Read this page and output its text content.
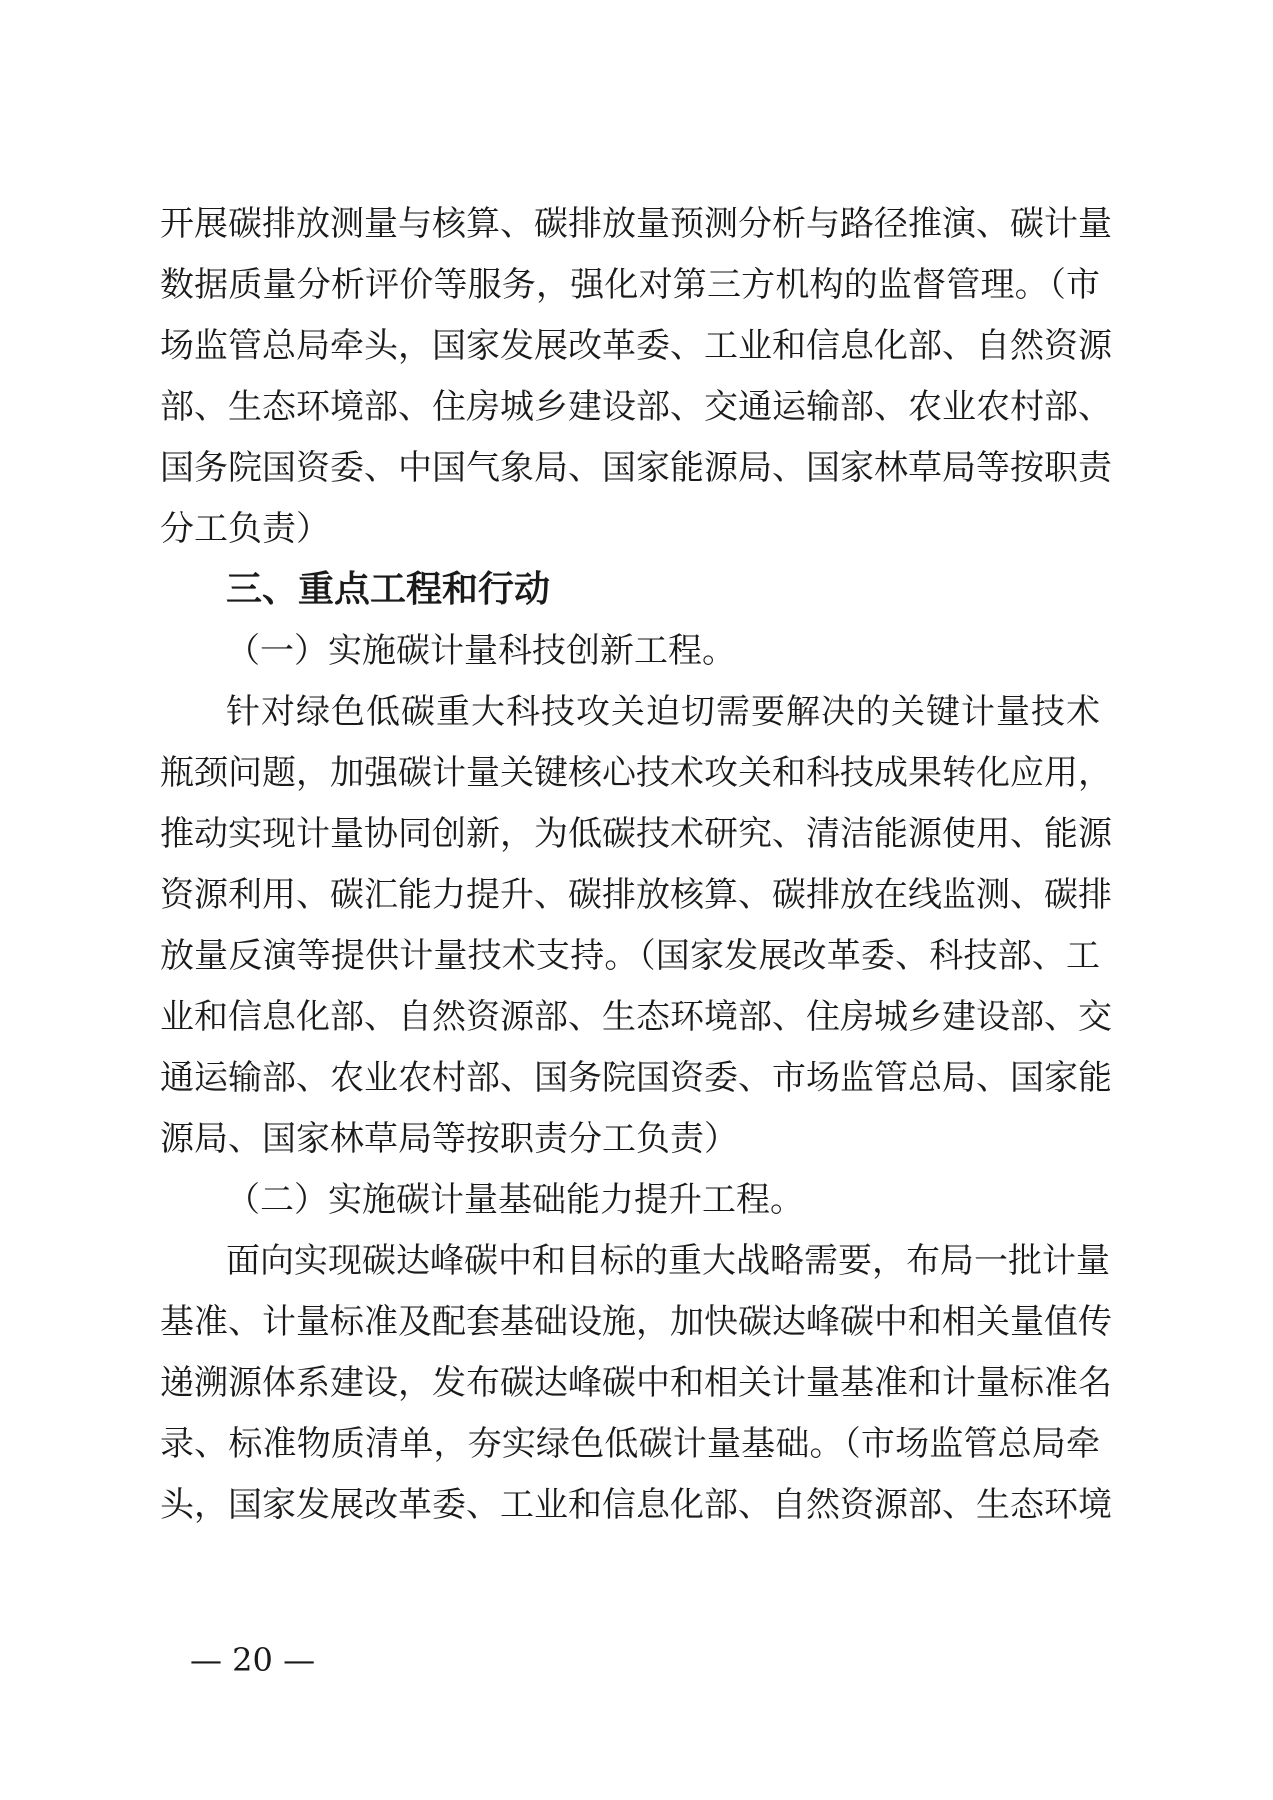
开展碳排放测量与核算、碳排放量预测分析与路径推演、碳计量
数据质量分析评价等服务，强化对第三方机构的监督管理。（市
场监管总局牵头，国家发展改革委、工业和信息化部、自然资源
部、生态环境部、住房城乡建设部、交通运输部、农业农村部、
国务院国资委、中国气象局、国家能源局、国家林草局等按职责
分工负责）
三、重点工程和行动
（一）实施碳计量科技创新工程。
针对绿色低碳重大科技攻关迫切需要解决的关键计量技术
瓶颈问题，加强碳计量关键核心技术攻关和科技成果转化应用，
推动实现计量协同创新，为低碳技术研究、清洁能源使用、能源
资源利用、碳汇能力提升、碳排放核算、碳排放在线监测、碳排
放量反演等提供计量技术支持。（国家发展改革委、科技部、工
业和信息化部、自然资源部、生态环境部、住房城乡建设部、交
通运输部、农业农村部、国务院国资委、市场监管总局、国家能
源局、国家林草局等按职责分工负责）
（二）实施碳计量基础能力提升工程。
面向实现碳达峰碳中和目标的重大战略需要，布局一批计量
基准、计量标准及配套基础设施，加快碳达峰碳中和相关量值传
递溯源体系建设，发布碳达峰碳中和相关计量基准和计量标准名
录、标准物质清单，夯实绿色低碳计量基础。（市场监管总局牵
头，国家发展改革委、工业和信息化部、自然资源部、生态环境
— 20 —
